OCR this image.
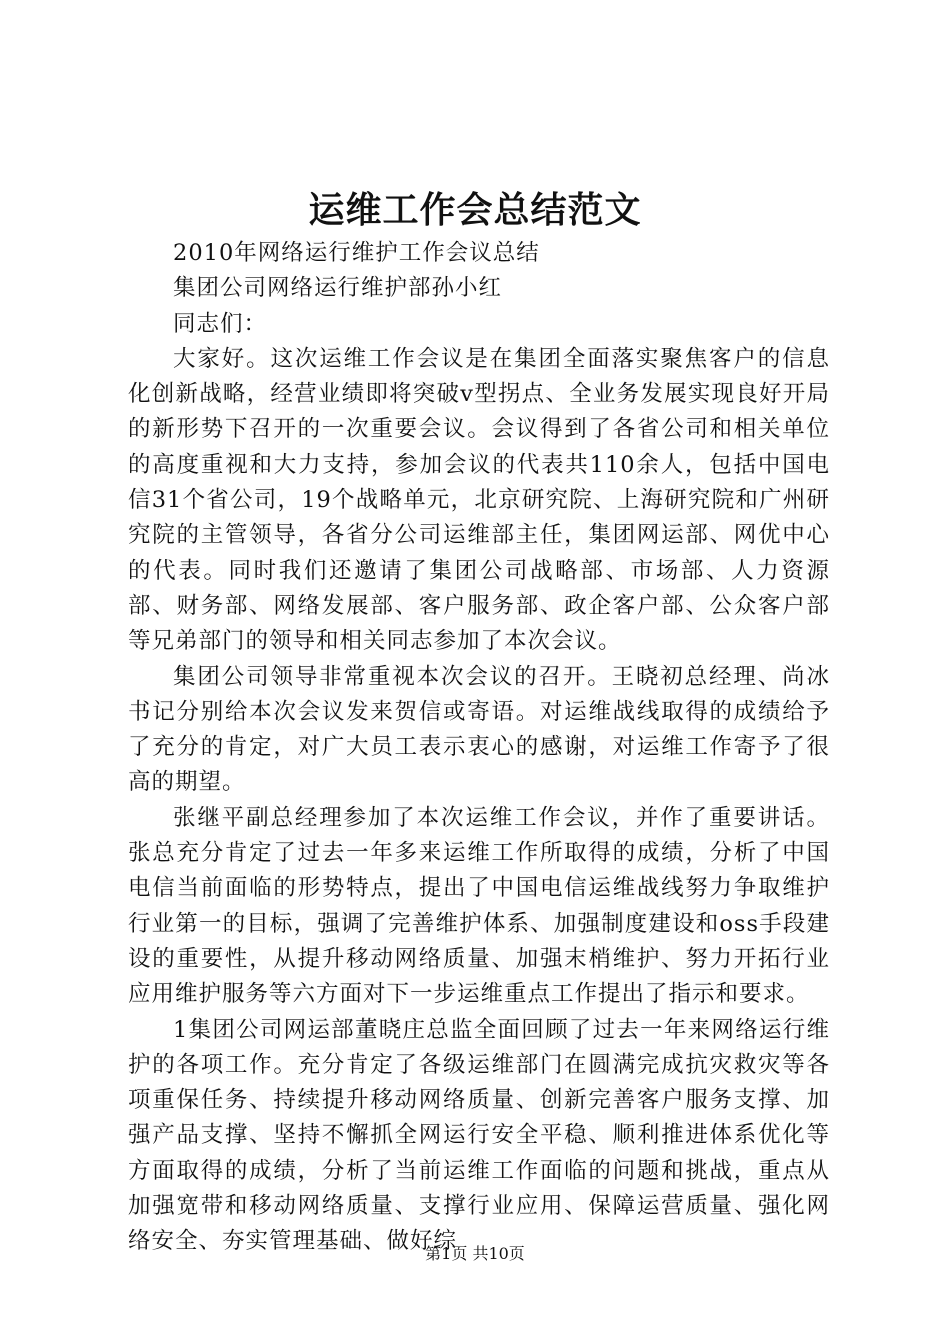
运维工作会总结范文

2010年网络运行维护工作会议总结

集团公司网络运行维护部孙小红

同志们：

大家好。这次运维工作会议是在集团全面落实聚焦客户的信息化创新战略，经营业绩即将突破v型拐点、全业务发展实现良好开局的新形势下召开的一次重要会议。会议得到了各省公司和相关单位的高度重视和大力支持，参加会议的代表共110余人，包括中国电信31个省公司，19个战略单元，北京研究院、上海研究院和广州研究院的主管领导，各省分公司运维部主任，集团网运部、网优中心的代表。同时我们还邀请了集团公司战略部、市场部、人力资源部、财务部、网络发展部、客户服务部、政企客户部、公众客户部等兄弟部门的领导和相关同志参加了本次会议。

集团公司领导非常重视本次会议的召开。王晓初总经理、尚冰书记分别给本次会议发来贺信或寄语。对运维战线取得的成绩给予了充分的肯定，对广大员工表示衷心的感谢，对运维工作寄予了很高的期望。

张继平副总经理参加了本次运维工作会议，并作了重要讲话。张总充分肯定了过去一年多来运维工作所取得的成绩，分析了中国电信当前面临的形势特点，提出了中国电信运维战线努力争取维护行业第一的目标，强调了完善维护体系、加强制度建设和oss手段建设的重要性，从提升移动网络质量、加强末梢维护、努力开拓行业应用维护服务等六方面对下一步运维重点工作提出了指示和要求。

1集团公司网运部董晓庄总监全面回顾了过去一年来网络运行维护的各项工作。充分肯定了各级运维部门在圆满完成抗灾救灾等各项重保任务、持续提升移动网络质量、创新完善客户服务支撑、加强产品支撑、坚持不懈抓全网运行安全平稳、顺利推进体系优化等方面取得的成绩，分析了当前运维工作面临的问题和挑战，重点从加强宽带和移动网络质量、支撑行业应用、保障运营质量、强化网络安全、夯实管理基础、做好综

第1页 共10页
